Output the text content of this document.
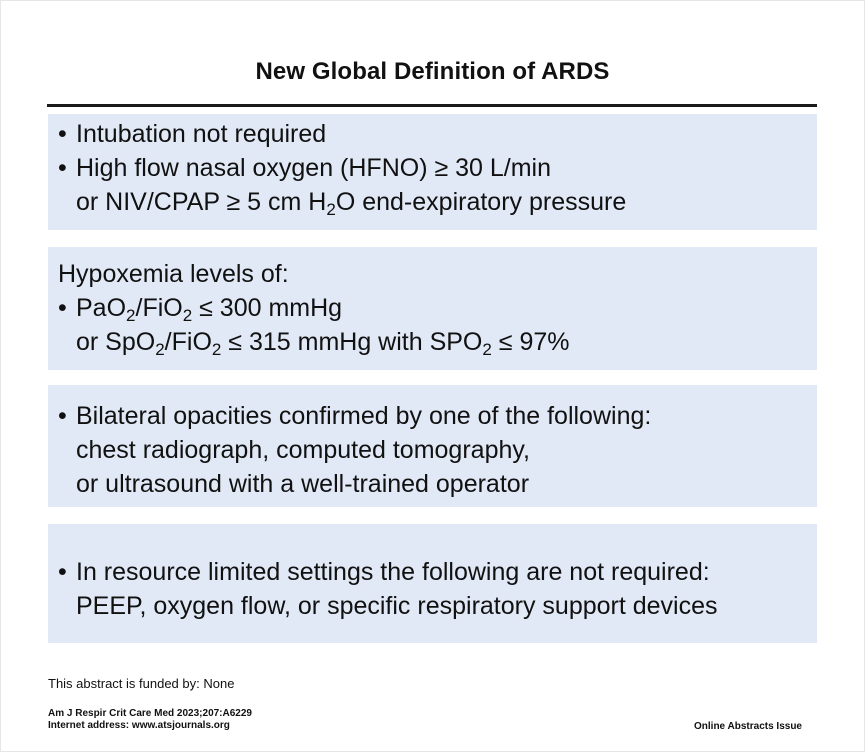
New Global Definition of ARDS
• Intubation not required
• High flow nasal oxygen (HFNO) ≥ 30 L/min
or NIV/CPAP ≥ 5 cm $H_2O$ end-expiratory pressure
Hypoxemia levels of:
• PaO$_2$/FiO$_2$ ≤ 300 mmHg
or SpO$_2$/FiO$_2$ ≤ 315 mmHg with $SPO_2 \le 97\%$
• Bilateral opacities confirmed by one of the following:
chest radiograph, computed tomography,
or ultrasound with a well-trained operator
• In resource limited settings the following are not required:
PEEP, oxygen flow, or specific respiratory support devices
This abstract is funded by: None
Am J Respir Crit Care Med 2023;207:A6229
Internet address: www.atsjournals.org	Online Abstracts Issue
